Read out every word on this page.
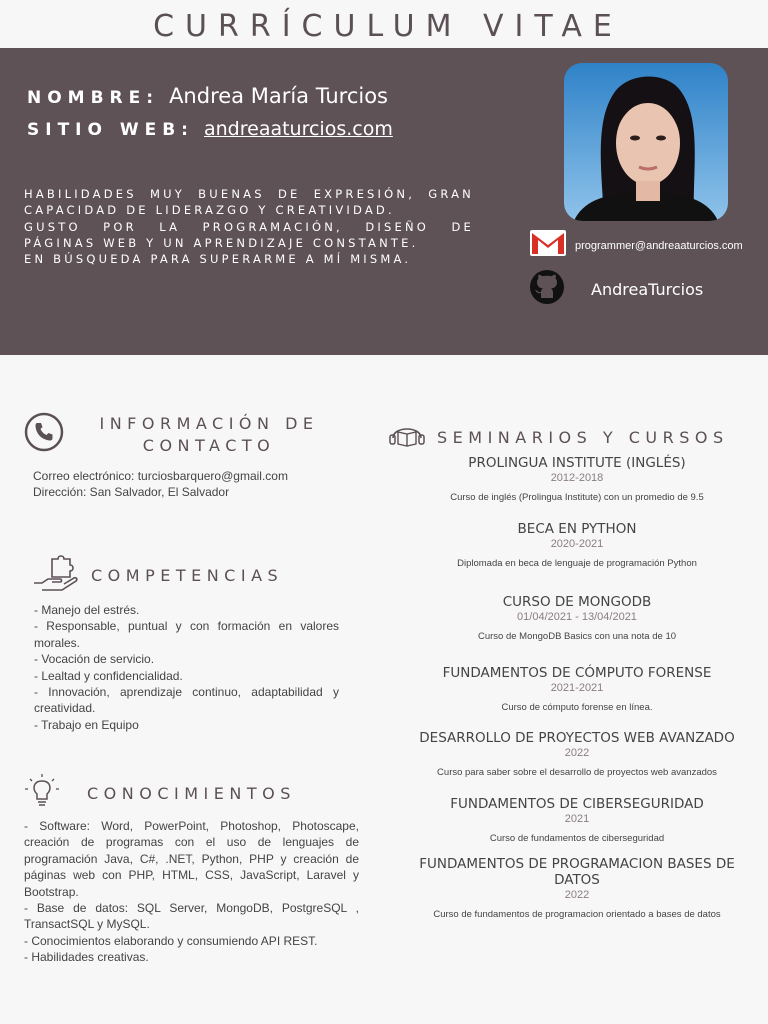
CURRÍCULUM VITAE
NOMBRE: Andrea María Turcios
SITIO WEB: andreaaturcios.com

HABILIDADES MUY BUENAS DE EXPRESIÓN, GRAN CAPACIDAD DE LIDERAZGO Y CREATIVIDAD.

GUSTO POR LA PROGRAMACIÓN, DISEÑO DE PÁGINAS WEB Y UN APRENDIZAJE CONSTANTE.

EN BÚSQUEDA PARA SUPERARME A MÍ MISMA.

programmer@andreaaturcios.com
AndreaTurcios
INFORMACIÓN DE CONTACTO

Correo electrónico: turciosbarquero@gmail.com

Dirección: San Salvador, El Salvador

COMPETENCIAS

- Manejo del estrés.

- Responsable, puntual y con formación en valores morales.

- Vocación de servicio.

- Lealtad y confidencialidad.

- Innovación, aprendizaje continuo, adaptabilidad y creatividad.

- Trabajo en Equipo

CONOCIMIENTOS

- Software: Word, PowerPoint, Photoshop, Photoscape, creación de programas con el uso de lenguajes de programación Java, C#, .NET, Python, PHP y creación de páginas web con PHP, HTML, CSS, JavaScript, Laravel y Bootstrap.

- Base de datos: SQL Server, MongoDB, PostgreSQL , TransactSQL y MySQL.

- Conocimientos elaborando y consumiendo API REST.

- Habilidades creativas.

SEMINARIOS Y CURSOS
PROLINGUA INSTITUTE (INGLÉS)
2012-2018
Curso de inglés (Prolingua Institute) con un promedio de 9.5
BECA EN PYTHON
2020-2021
Diplomada en beca de lenguaje de programación Python
CURSO DE MONGODB
01/04/2021 - 13/04/2021
Curso de MongoDB Basics con una nota de 10
FUNDAMENTOS DE CÓMPUTO FORENSE
2021-2021
Curso de cómputo forense en línea.
DESARROLLO DE PROYECTOS WEB AVANZADO
2022
Curso para saber sobre el desarrollo de proyectos web avanzados
FUNDAMENTOS DE CIBERSEGURIDAD
2021
Curso de fundamentos de ciberseguridad
FUNDAMENTOS DE PROGRAMACION BASES DE DATOS
2022
Curso de fundamentos de programacion orientado a bases de datos
